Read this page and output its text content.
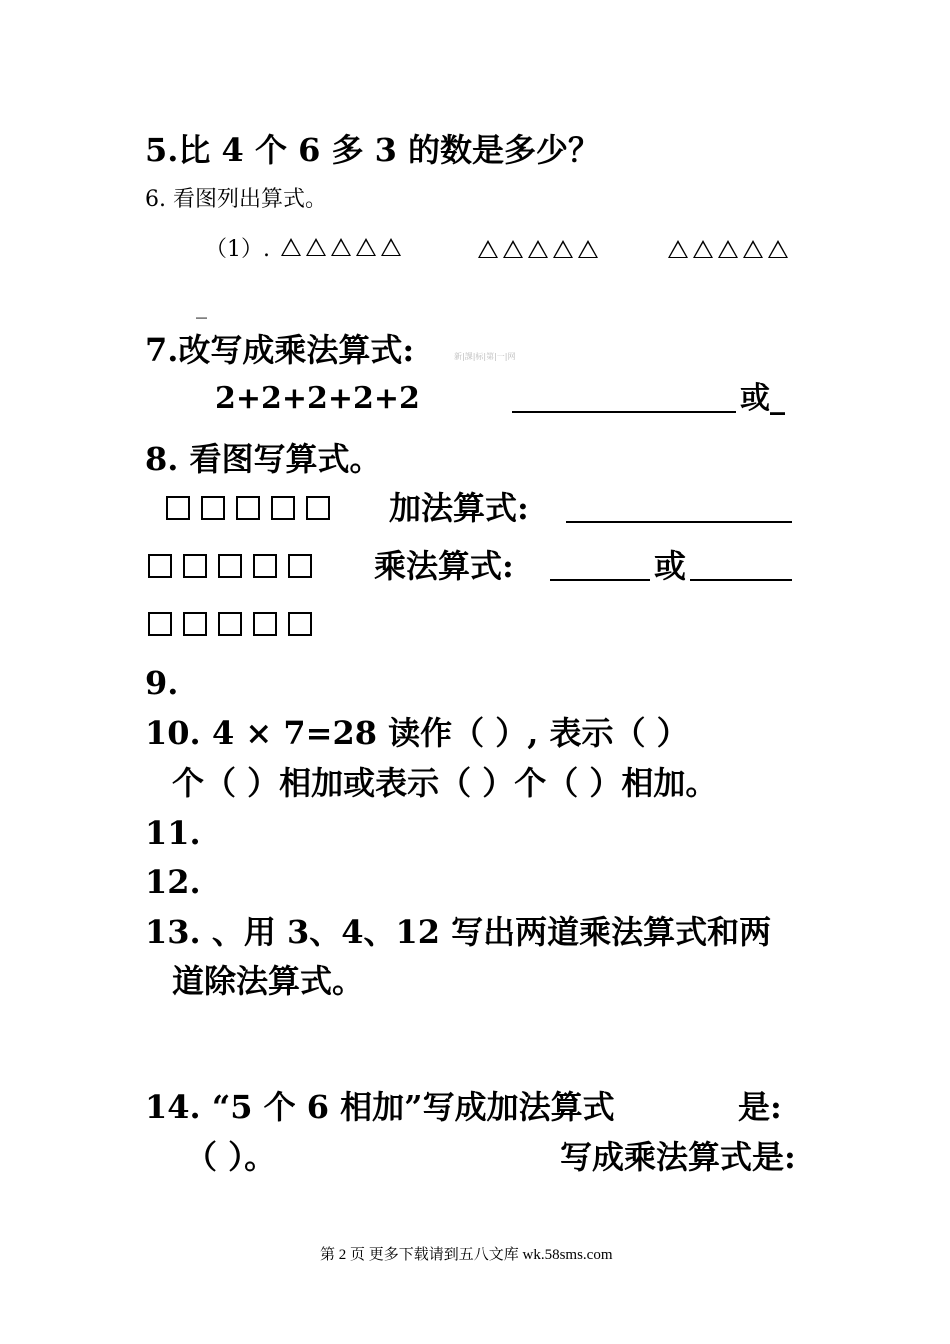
5.比 4 个 6 多 3 的数是多少？
6. 看图列出算式。
（1）.
_
7.改写成乘法算式:	新|課|标|第|一|网
2+2+2+2+2	或_
8. 看图写算式。
加法算式:
乘法算式:	或
9.
10. 4 × 7=28 读作（ ）, 表示（ ）
个（ ）相加或表示（ ）个（ ）相加。
11.
12.
13. 、用 3、4、12 写出两道乘法算式和两
道除法算式。
14. “5 个 6 相加”写成加法算式	是:
（ ）。	写成乘法算式是:
第 2 页 更多下载请到五八文库 wk.58sms.com
